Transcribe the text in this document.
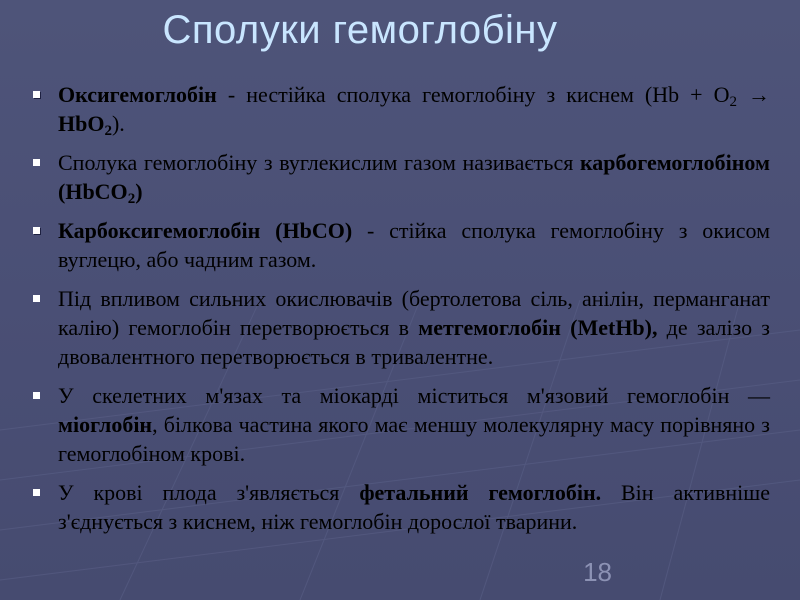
Сполуки гемоглобіну
Оксигемоглобін - нестійка сполука гемоглобіну з киснем $(Hb + O_2 \to HbO_2)$.
Сполука гемоглобіну з вуглекислим газом називається карбогемоглобіном (HbCO$_2$)
Карбоксигемоглобін (HbCO) - стійка сполука гемоглобіну з окисом вуглецю, або чадним газом.
Під впливом сильних окислювачів (бертолетова сіль, анілін, перманганат калію) гемоглобін перетворюється в метгемоглобін (MetHb), де залізо з двовалентного перетворюється в тривалентне.
У скелетних м'язах та міокарді міститься м'язовий гемоглобін — міоглобін, білкова частина якого має меншу молекулярну масу порівняно з гемоглобіном крові.
У крові плода з'являється фетальний гемоглобін. Він активніше з'єднується з киснем, ніж гемоглобін дорослої тварини.
18
